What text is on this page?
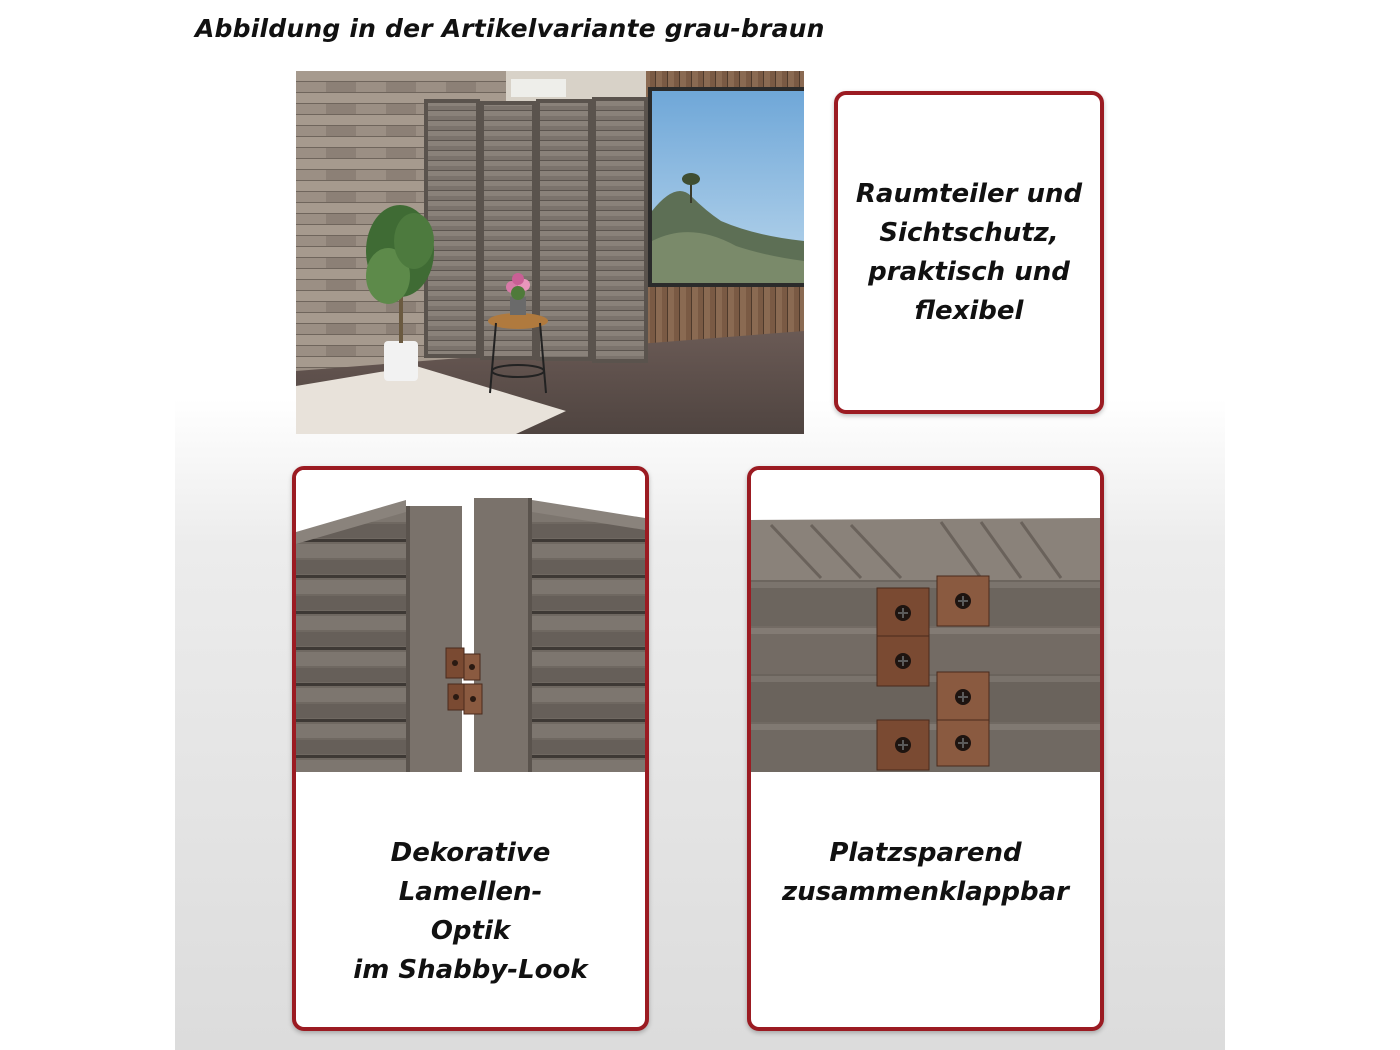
Abbildung in der Artikelvariante grau-braun
Raumteiler und
Sichtschutz,
praktisch und
flexibel
Dekorative
Lamellen-
Optik
im Shabby-Look
Platzsparend
zusammenklappbar
